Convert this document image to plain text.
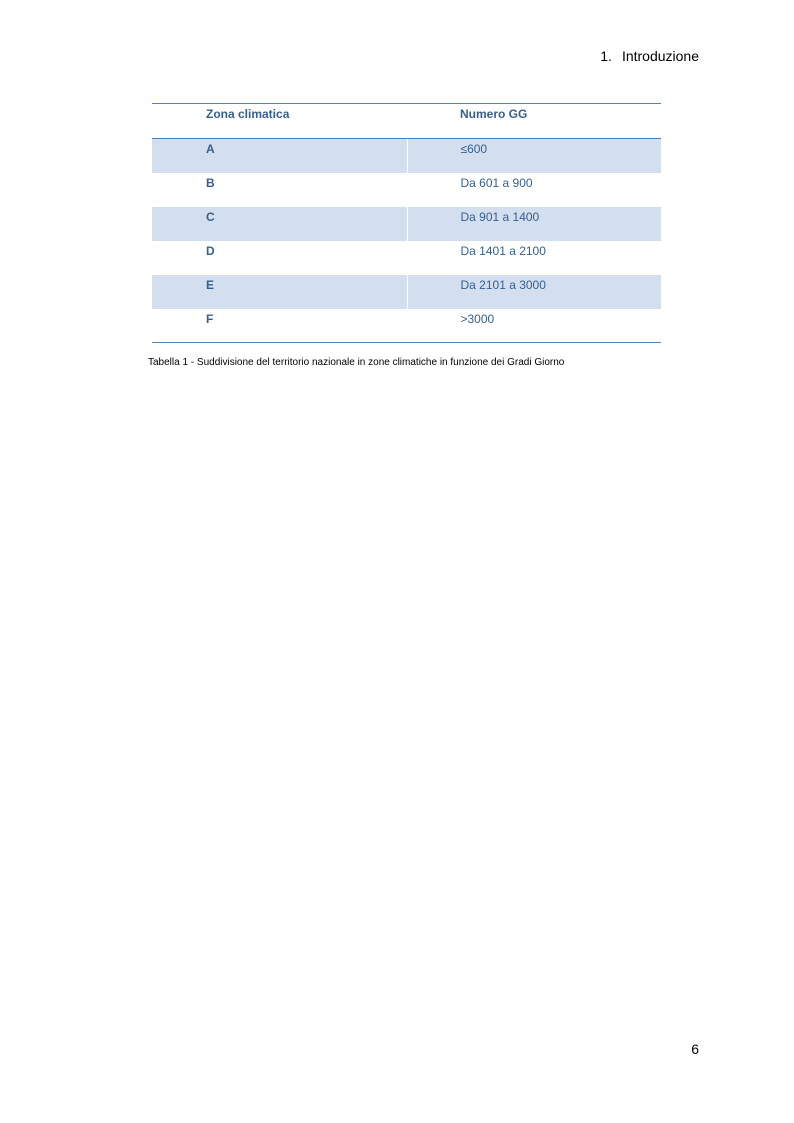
1. Introduzione
Zona climatica	Numero GG
A	≤600
B	Da 601 a 900
C	Da 901 a 1400
D	Da 1401 a 2100
E	Da 2101 a 3000
F	>3000
Tabella 1 - Suddivisione del territorio nazionale in zone climatiche in funzione dei Gradi Giorno
6
